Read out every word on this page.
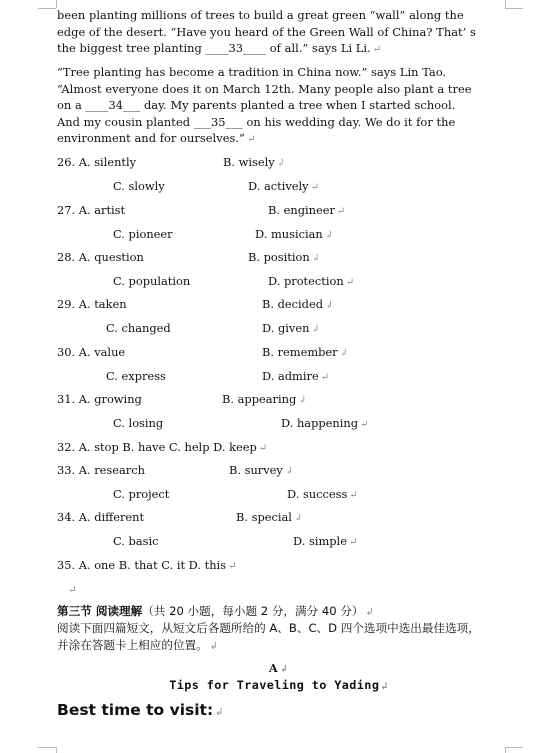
been planting millions of trees to build a great green “wall” along the
edge of the desert. “Have you heard of the Green Wall of China? That’ s
the biggest tree planting ____33____ of all.” says Li Li. ↵
“Tree planting has become a tradition in China now.” says Lin Tao.
“Almost everyone does it on March 12th. Many people also plant a tree
on a ____34___ day. My parents planted a tree when I started school.
And my cousin planted ___35___ on his wedding day. We do it for the
environment and for ourselves.” ↵
26. A. silently	B. wisely ↲
C. slowly	D. actively ↵
27. A. artist	B. engineer ↵
C. pioneer	D. musician ↲
28. A. question	B. position ↲
C. population	D. protection ↵
29. A. taken	B. decided ↲
C. changed	D. given ↲
30. A. value	B. remember ↲
C. express	D. admire ↵
31. A. growing	B. appearing ↲
C. losing	D. happening ↵
32. A. stop B. have C. help D. keep ↵
33. A. research	B. survey ↲
C. project	D. success ↵
34. A. different	B. special ↲
C. basic	D. simple ↵
35. A. one B. that C. it D. this ↵
↵
第三节 阅读理解（共 20 小题，每小题 2 分，满分 40 分） ↲
阅读下面四篇短文，从短文后各题所给的 A、B、C、D 四个选项中选出最佳选项，
并涂在答题卡上相应的位置。 ↲
A ↲
Tips for Traveling to Yading ↲
Best time to visit: ↲
